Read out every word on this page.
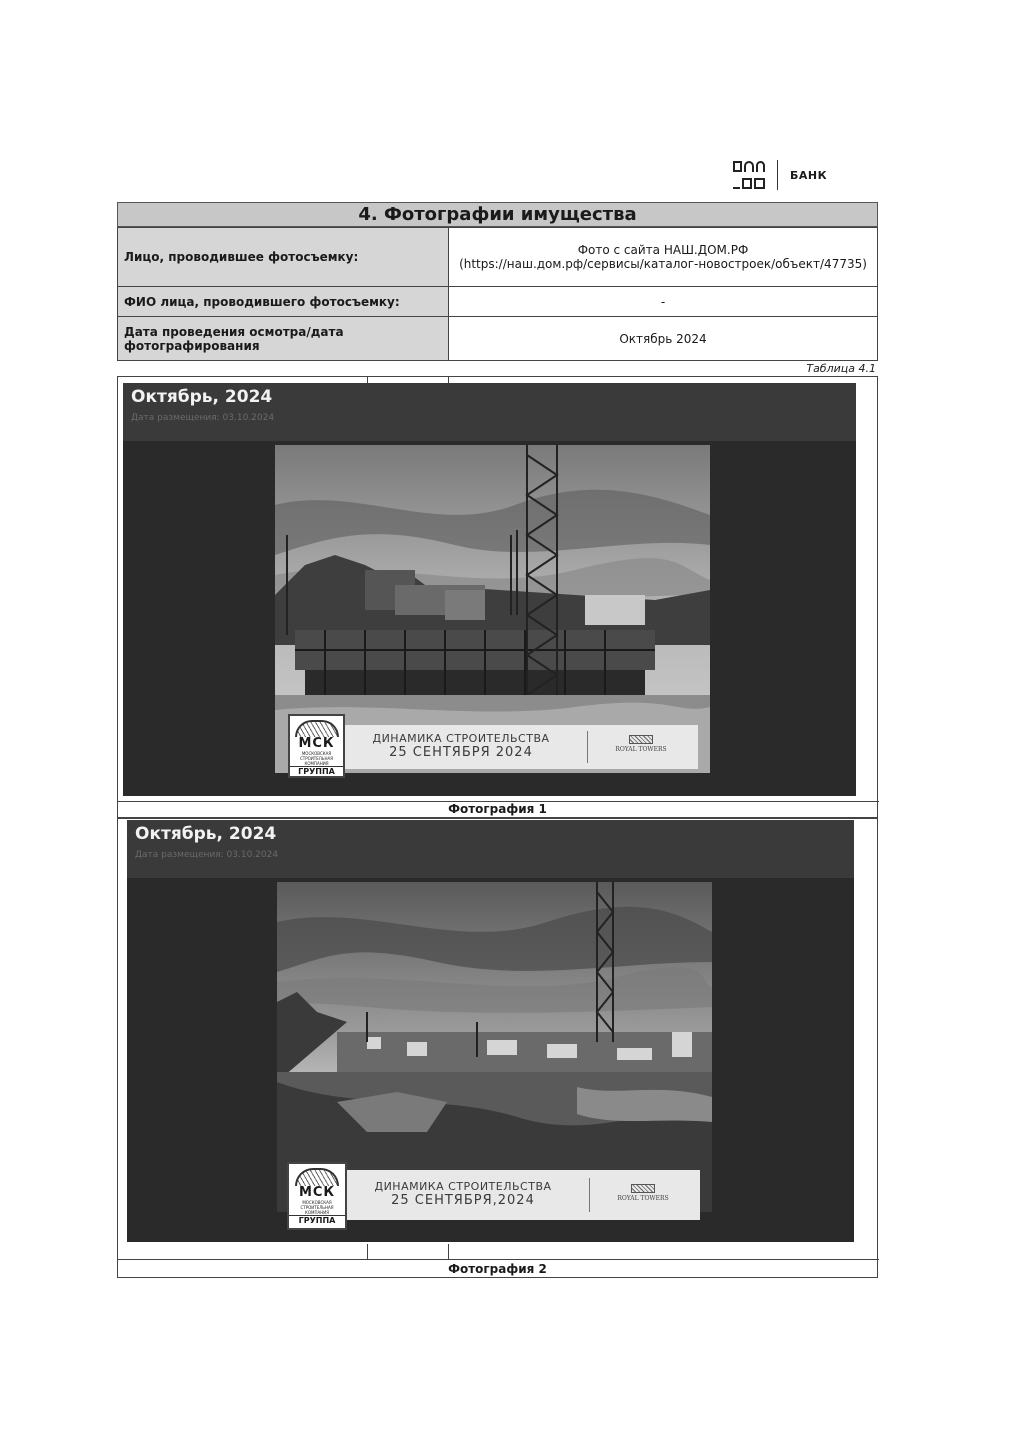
БАНК
4. Фотографии имущества
Лицо, проводившее фотосъемку:	Фото с сайта НАШ.ДОМ.РФ
(https://наш.дом.рф/сервисы/каталог-новостроек/объект/47735)

ФИО лица, проводившего фотосъемку:	-
Дата проведения осмотра/дата фотографирования	Октябрь 2024
Таблица 4.1
Октябрь, 2024
Дата размещения: 03.10.2024
ДИНАМИКА СТРОИТЕЛЬСТВА
25 СЕНТЯБРЯ 2024	ROYAL TOWERS
МСК
МОСКОВСКАЯ СТРОИТЕЛЬНАЯ КОМПАНИЯ
ГРУППА
Фотография 1
Октябрь, 2024
Дата размещения: 03.10.2024
ДИНАМИКА СТРОИТЕЛЬСТВА
25 СЕНТЯБРЯ,2024	ROYAL TOWERS
МСК
МОСКОВСКАЯ СТРОИТЕЛЬНАЯ КОМПАНИЯ
ГРУППА
Фотография 2
